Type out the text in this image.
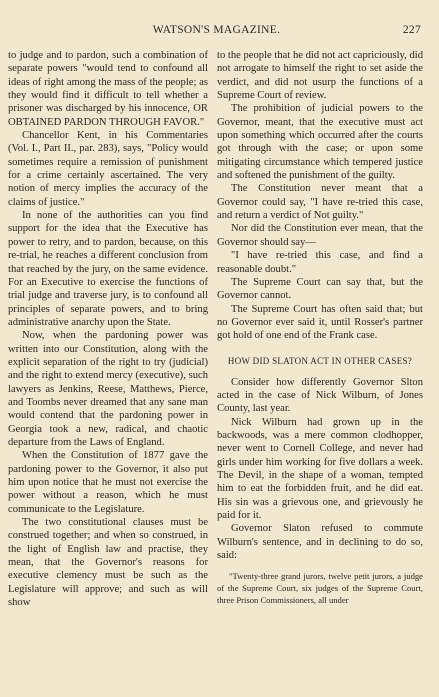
WATSON'S MAGAZINE.	227

to judge and to pardon, such a combination of separate powers "would tend to confound all ideas of right among the mass of the people; as they would find it difficult to tell whether a prisoner was discharged by his innocence, OR OBTAINED PARDON THROUGH FAVOR."

Chancellor Kent, in his Commentaries (Vol. I., Part II., par. 283), says, "Policy would sometimes require a remission of punishment for a crime certainly ascertained. The very notion of mercy implies the accuracy of the claims of justice."

In none of the authorities can you find support for the idea that the Executive has power to retry, and to pardon, because, on this re-trial, he reaches a different conclusion from that reached by the jury, on the same evidence. For an Executive to exercise the functions of trial judge and traverse jury, is to confound all principles of separate powers, and to bring administrative anarchy upon the State.

Now, when the pardoning power was written into our Constitution, along with the explicit separation of the right to try (judicial) and the right to extend mercy (executive), such lawyers as Jenkins, Reese, Matthews, Pierce, and Toombs never dreamed that any sane man would contend that the pardoning power in Georgia took a new, radical, and chaotic departure from the Laws of England.

When the Constitution of 1877 gave the pardoning power to the Governor, it also put him upon notice that he must not exercise the power without a reason, which he must communicate to the Legislature.

The two constitutional clauses must be construed together; and when so construed, in the light of English law and practise, they mean, that the Governor's reasons for executive clemency must be such as the Legislature will approve; and such as will show

to the people that he did not act capriciously, did not arrogate to himself the right to set aside the verdict, and did not usurp the functions of a Supreme Court of review.

The prohibition of judicial powers to the Governor, meant, that the executive must act upon something which occurred after the courts got through with the case; or upon some mitigating circumstance which tempered justice and softened the punishment of the guilty.

The Constitution never meant that a Governor could say, "I have re-tried this case, and return a verdict of Not guilty."

Nor did the Constitution ever mean, that the Governor should say—

"I have re-tried this case, and find a reasonable doubt."

The Supreme Court can say that, but the Governor cannot.

The Supreme Court has often said that; but no Governor ever said it, until Rosser's partner got hold of one end of the Frank case.

HOW DID SLATON ACT IN OTHER CASES?

Consider how differently Governor Slton acted in the case of Nick Wilburn, of Jones County, last year.

Nick Wilburn had grown up in the backwoods, was a mere common clodhopper, never went to Cornell College, and never had girls under him working for five dollars a week. The Devil, in the shape of a woman, tempted him to eat the forbidden fruit, and he did eat. His sin was a grievous one, and grievously he paid for it.

Governor Slaton refused to commute Wilburn's sentence, and in declining to do so, said:

"Twenty-three grand jurors, twelve petit jurors, a judge of the Supreme Court, six judges of the Supreme Court, three Prison Commissioners, all under
